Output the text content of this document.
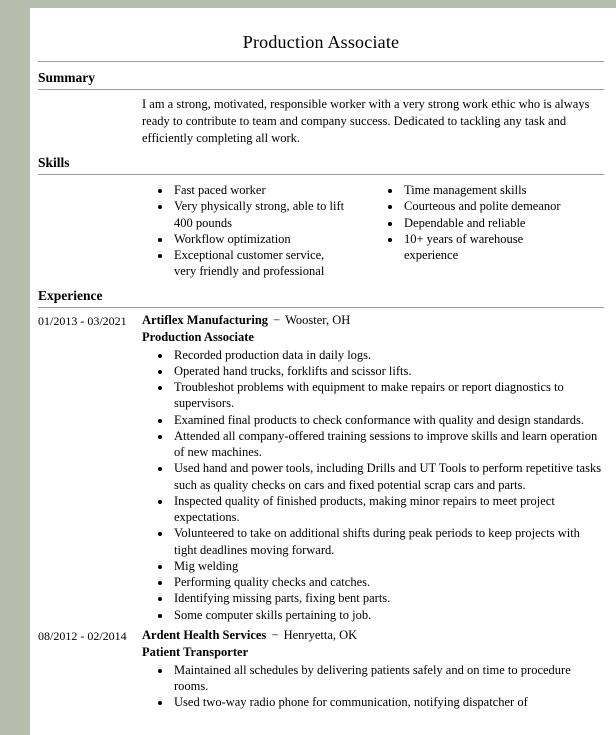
Production Associate
Summary

I am a strong, motivated, responsible worker with a very strong work ethic who is always ready to contribute to team and company success. Dedicated to tackling any task and efficiently completing all work.

Skills
• Fast paced worker
• Very physically strong, able to lift 400 pounds
• Workflow optimization
• Exceptional customer service, very friendly and professional
• Time management skills
• Courteous and polite demeanor
• Dependable and reliable
• 10+ years of warehouse experience
Experience
01/2013 - 03/2021	Artiflex Manufacturing − Wooster, OH
Production Associate
• Recorded production data in daily logs.
• Operated hand trucks, forklifts and scissor lifts.
• Troubleshot problems with equipment to make repairs or report diagnostics to supervisors.
• Examined final products to check conformance with quality and design standards.
• Attended all company-offered training sessions to improve skills and learn operation of new machines.
• Used hand and power tools, including Drills and UT Tools to perform repetitive tasks such as quality checks on cars and fixed potential scrap cars and parts.
• Inspected quality of finished products, making minor repairs to meet project expectations.
• Volunteered to take on additional shifts during peak periods to keep projects with tight deadlines moving forward.
• Mig welding
• Performing quality checks and catches.
• Identifying missing parts, fixing bent parts.
• Some computer skills pertaining to job.
08/2012 - 02/2014	Ardent Health Services − Henryetta, OK
Patient Transporter
• Maintained all schedules by delivering patients safely and on time to procedure rooms.
• Used two-way radio phone for communication, notifying dispatcher of
